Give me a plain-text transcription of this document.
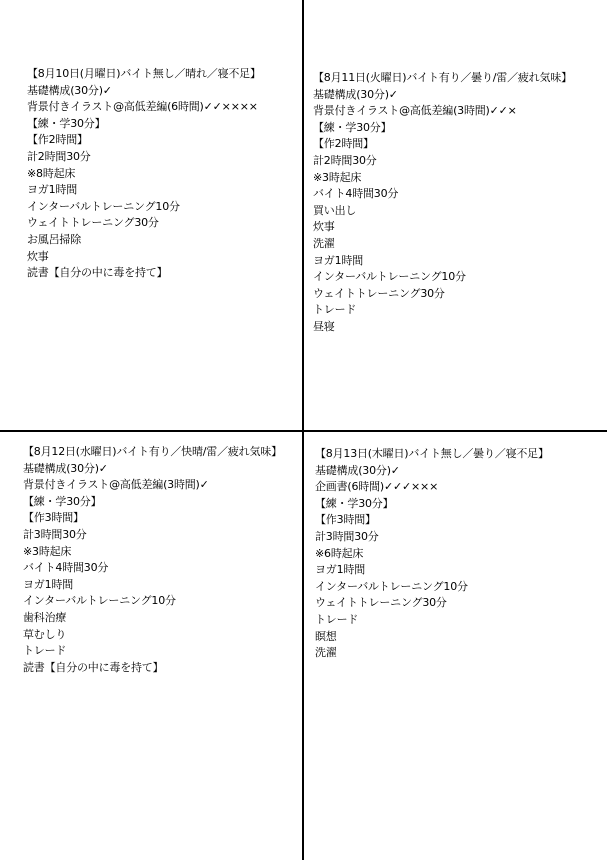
【8月10日(月曜日)バイト無し／晴れ／寝不足】
基礎構成(30分)✓
背景付きイラスト@高低差編(6時間)✓✓××××
【練・学30分】
【作2時間】
計2時間30分
※8時起床
ヨガ1時間
インターバルトレーニング10分
ウェイトトレーニング30分
お風呂掃除
炊事
読書【自分の中に毒を持て】
【8月11日(火曜日)バイト有り／曇り/雷／疲れ気味】
基礎構成(30分)✓
背景付きイラスト@高低差編(3時間)✓✓×
【練・学30分】
【作2時間】
計2時間30分
※3時起床
バイト4時間30分
買い出し
炊事
洗濯
ヨガ1時間
インターバルトレーニング10分
ウェイトトレーニング30分
トレード
昼寝
【8月12日(水曜日)バイト有り／快晴/雷／疲れ気味】
基礎構成(30分)✓
背景付きイラスト@高低差編(3時間)✓
【練・学30分】
【作3時間】
計3時間30分
※3時起床
バイト4時間30分
ヨガ1時間
インターバルトレーニング10分
歯科治療
草むしり
トレード
読書【自分の中に毒を持て】
【8月13日(木曜日)バイト無し／曇り／寝不足】
基礎構成(30分)✓
企画書(6時間)✓✓✓×××
【練・学30分】
【作3時間】
計3時間30分
※6時起床
ヨガ1時間
インターバルトレーニング10分
ウェイトトレーニング30分
トレード
瞑想
洗濯
